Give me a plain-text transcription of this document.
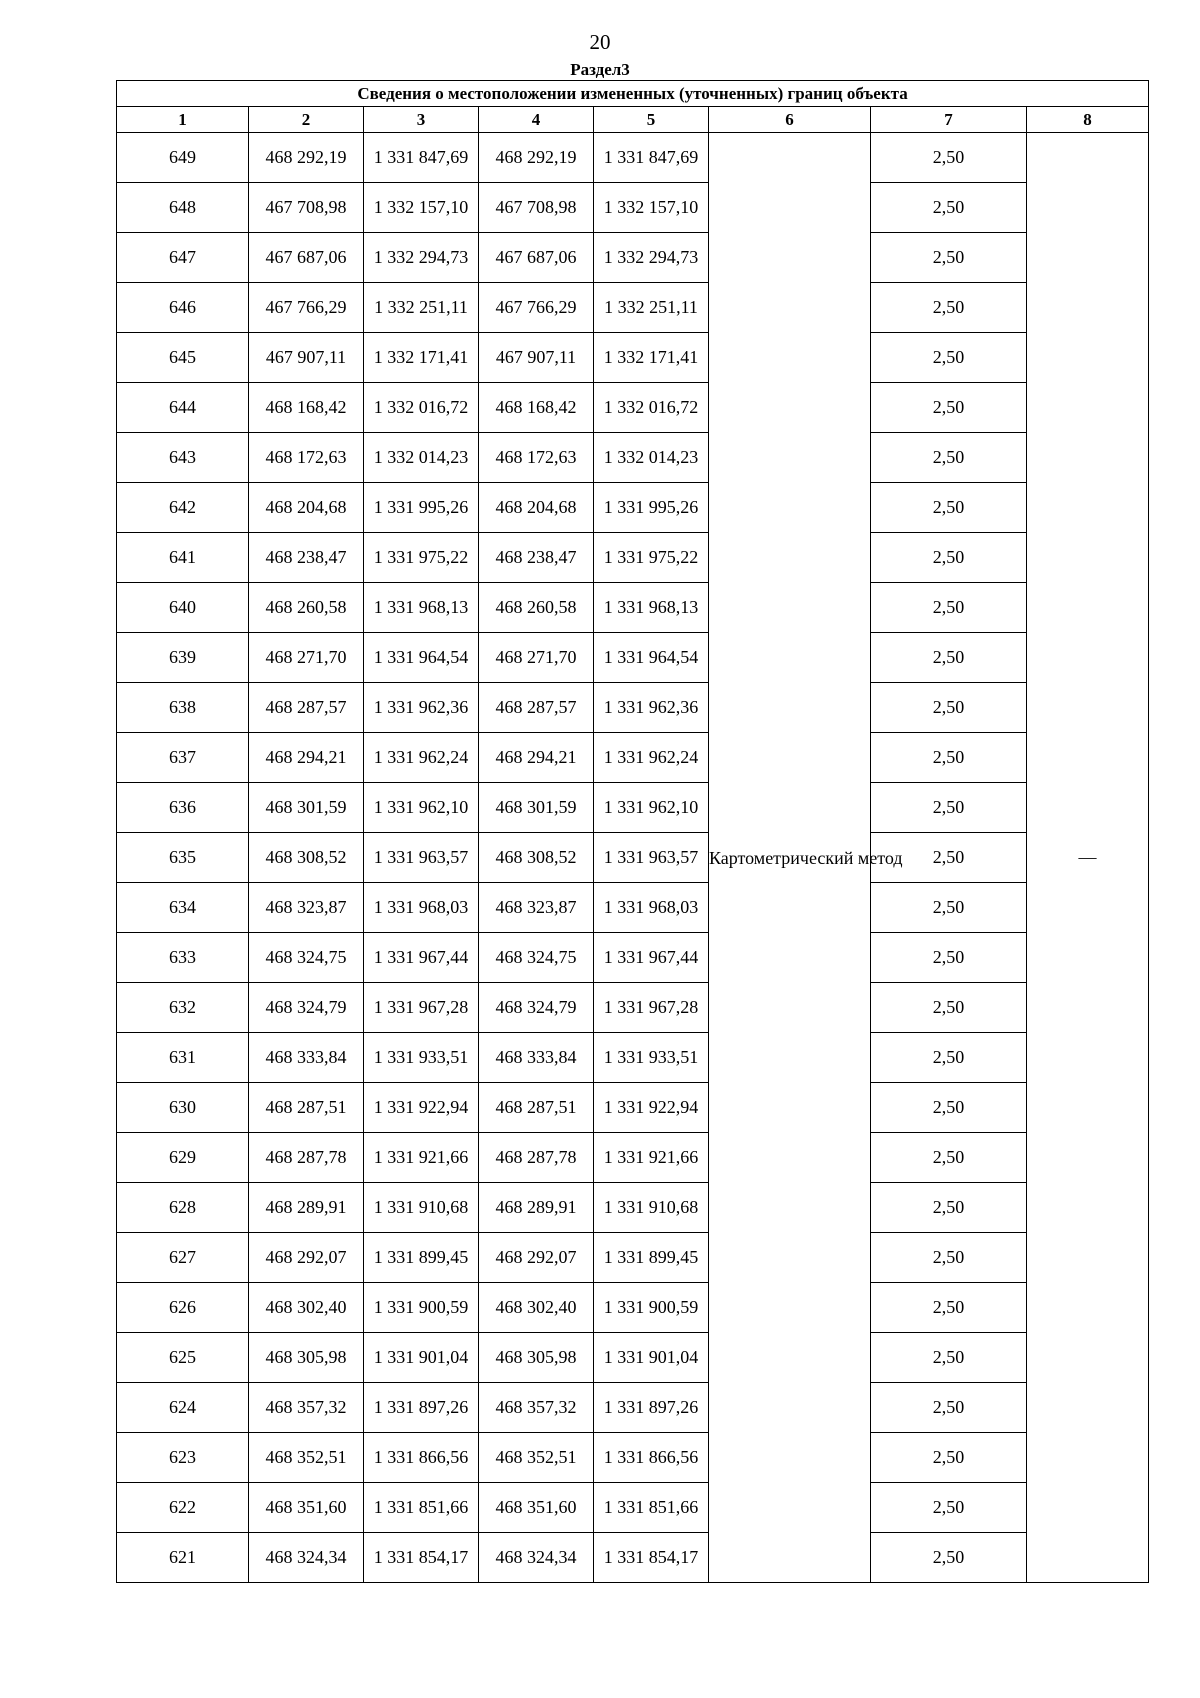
20
Раздел3
Сведения о местоположении измененных (уточненных) границ объекта							
1	2	3	4	5	6	7	8
649	468 292,19	1 331 847,69	468 292,19	1 331 847,69	Картометрический метод	2,50	—
648	467 708,98	1 332 157,10	467 708,98	1 332 157,10		2,50	
647	467 687,06	1 332 294,73	467 687,06	1 332 294,73		2,50	
646	467 766,29	1 332 251,11	467 766,29	1 332 251,11		2,50	
645	467 907,11	1 332 171,41	467 907,11	1 332 171,41		2,50	
644	468 168,42	1 332 016,72	468 168,42	1 332 016,72		2,50	
643	468 172,63	1 332 014,23	468 172,63	1 332 014,23		2,50	
642	468 204,68	1 331 995,26	468 204,68	1 331 995,26		2,50	
641	468 238,47	1 331 975,22	468 238,47	1 331 975,22		2,50	
640	468 260,58	1 331 968,13	468 260,58	1 331 968,13		2,50	
639	468 271,70	1 331 964,54	468 271,70	1 331 964,54		2,50	
638	468 287,57	1 331 962,36	468 287,57	1 331 962,36		2,50	
637	468 294,21	1 331 962,24	468 294,21	1 331 962,24		2,50	
636	468 301,59	1 331 962,10	468 301,59	1 331 962,10		2,50	
635	468 308,52	1 331 963,57	468 308,52	1 331 963,57		2,50	
634	468 323,87	1 331 968,03	468 323,87	1 331 968,03		2,50	
633	468 324,75	1 331 967,44	468 324,75	1 331 967,44		2,50	
632	468 324,79	1 331 967,28	468 324,79	1 331 967,28		2,50	
631	468 333,84	1 331 933,51	468 333,84	1 331 933,51		2,50	
630	468 287,51	1 331 922,94	468 287,51	1 331 922,94		2,50	
629	468 287,78	1 331 921,66	468 287,78	1 331 921,66		2,50	
628	468 289,91	1 331 910,68	468 289,91	1 331 910,68		2,50	
627	468 292,07	1 331 899,45	468 292,07	1 331 899,45		2,50	
626	468 302,40	1 331 900,59	468 302,40	1 331 900,59		2,50	
625	468 305,98	1 331 901,04	468 305,98	1 331 901,04		2,50	
624	468 357,32	1 331 897,26	468 357,32	1 331 897,26		2,50	
623	468 352,51	1 331 866,56	468 352,51	1 331 866,56		2,50	
622	468 351,60	1 331 851,66	468 351,60	1 331 851,66		2,50	
621	468 324,34	1 331 854,17	468 324,34	1 331 854,17		2,50	
